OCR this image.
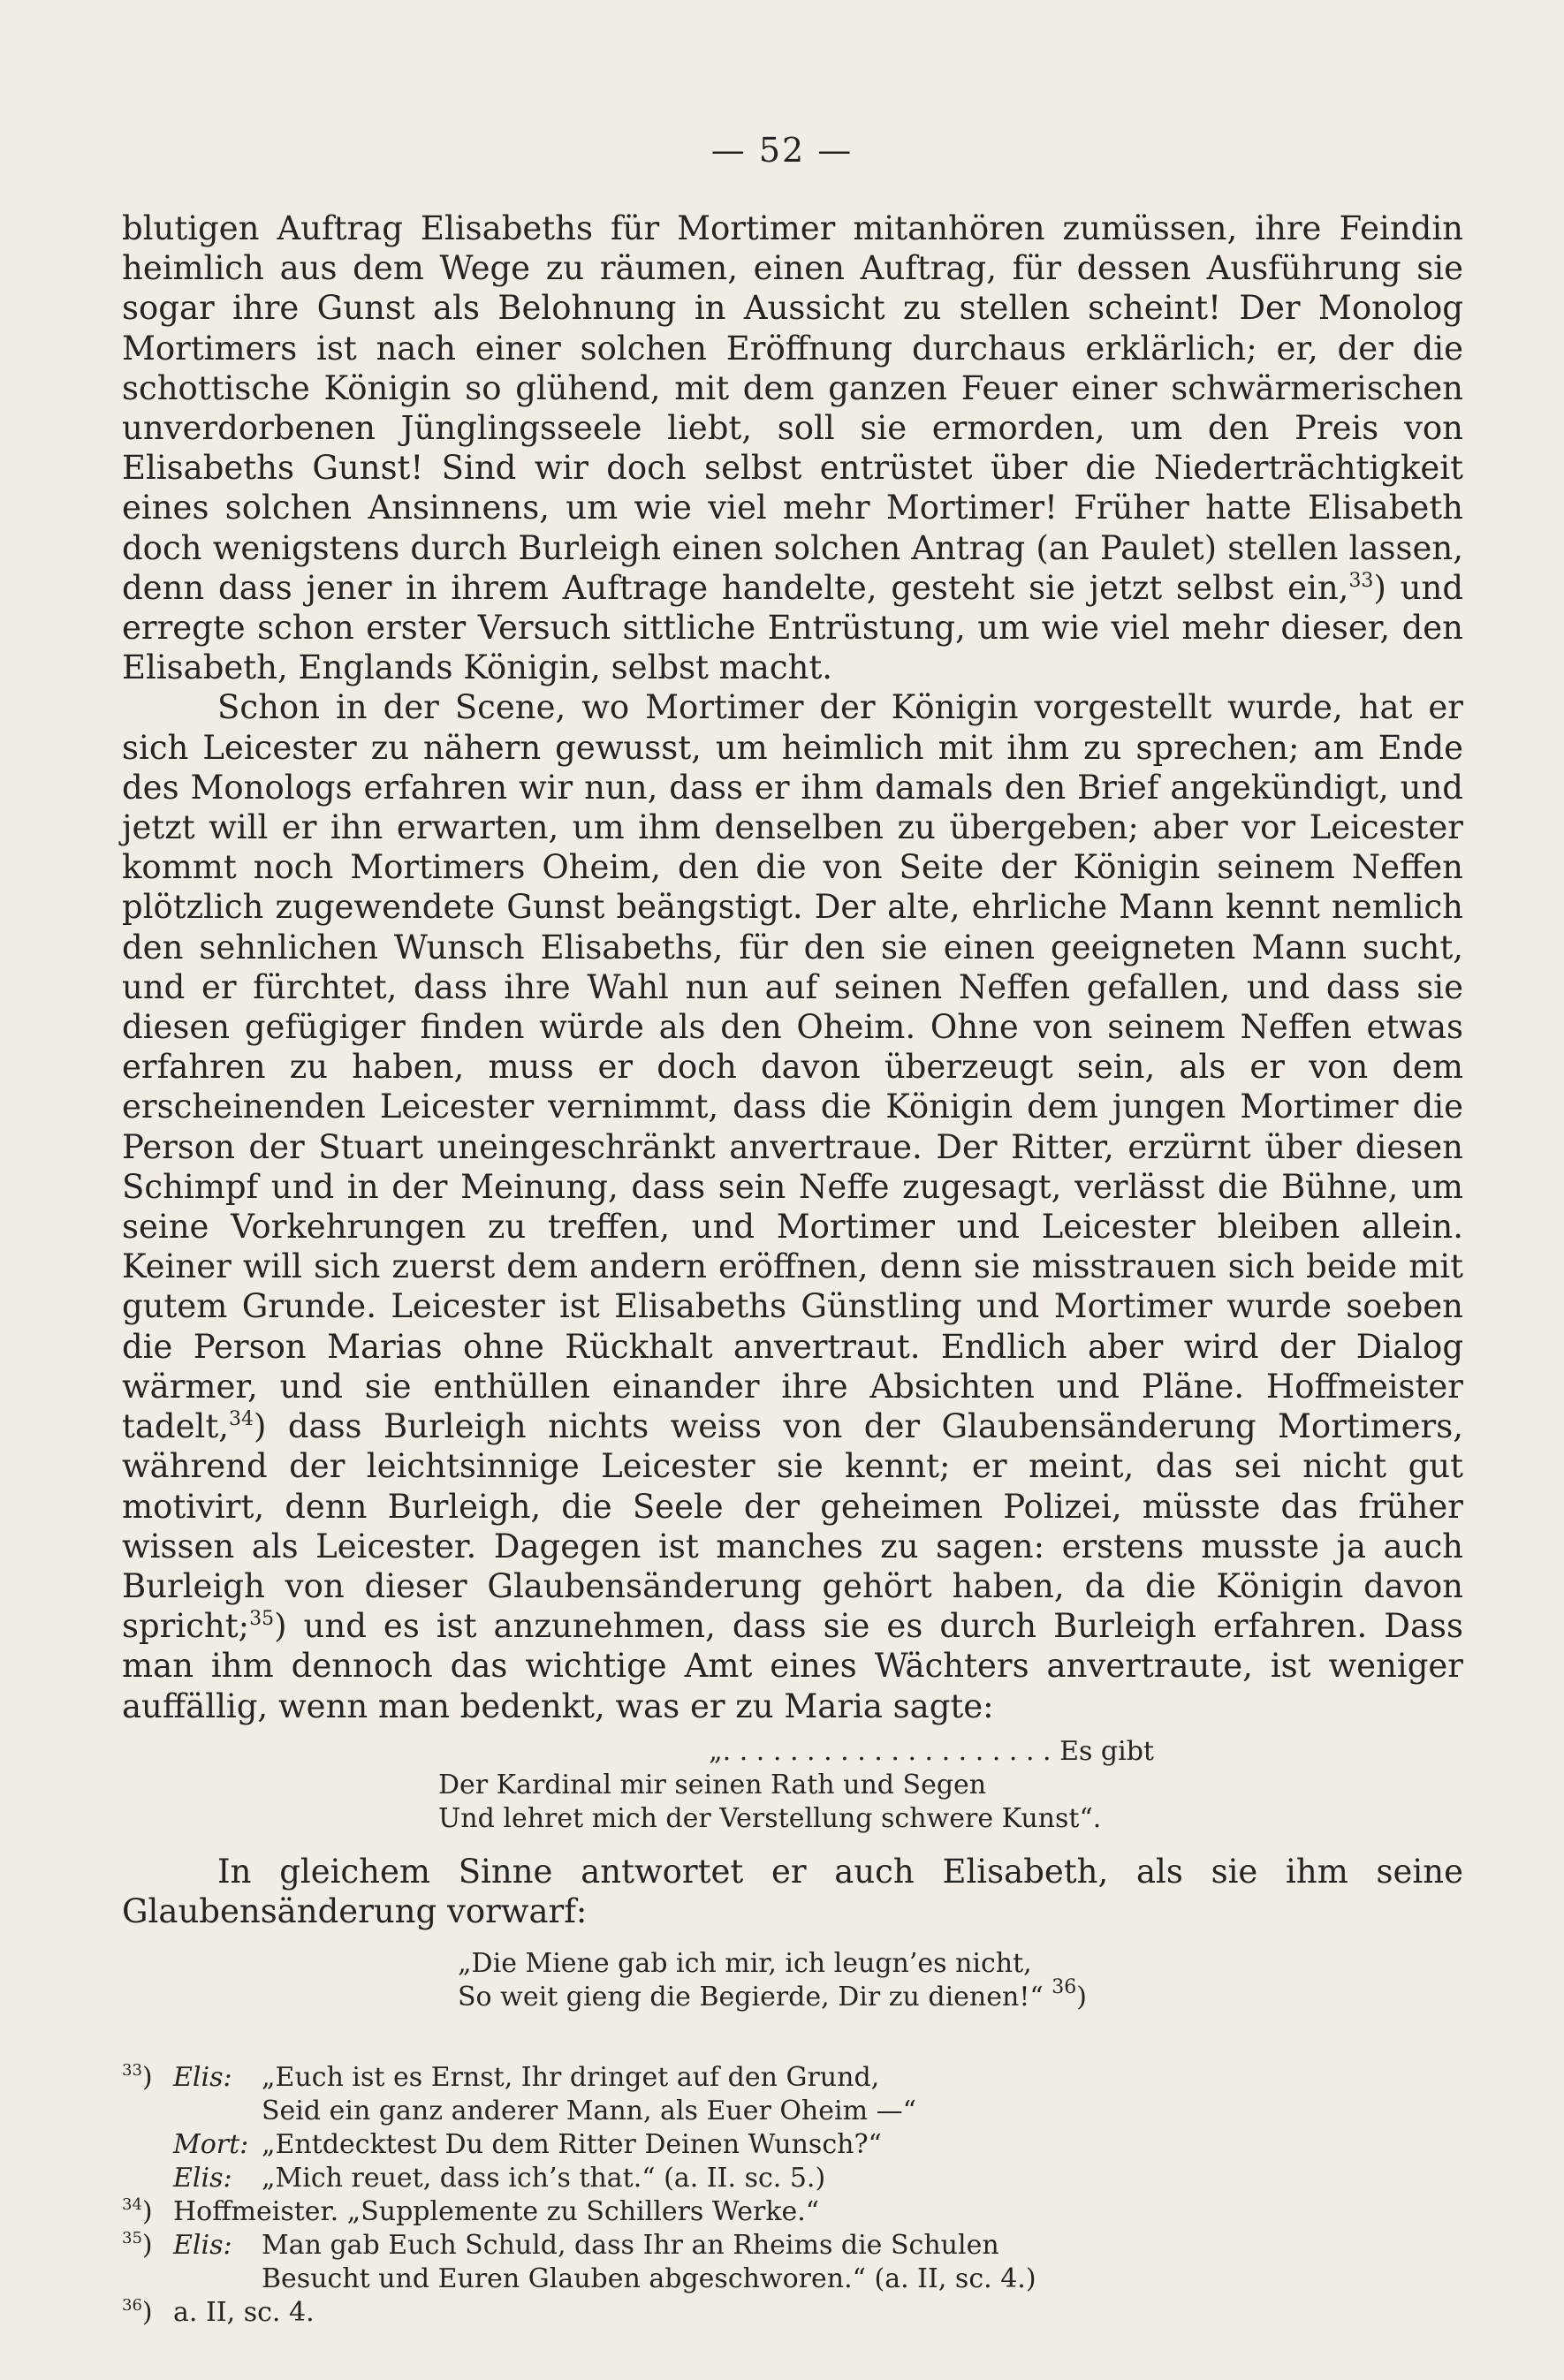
— 52 —

blutigen Auftrag Elisabeths für Mortimer mitanhören zumüssen, ihre Feindin heimlich aus dem Wege zu räumen, einen Auftrag, für dessen Ausführung sie sogar ihre Gunst als Belohnung in Aussicht zu stellen scheint! Der Monolog Mortimers ist nach einer solchen Eröffnung durchaus erklärlich; er, der die schottische Königin so glühend, mit dem ganzen Feuer einer schwärmerischen unverdorbenen Jünglingsseele liebt, soll sie ermorden, um den Preis von Elisabeths Gunst! Sind wir doch selbst entrüstet über die Niederträchtigkeit eines solchen Ansinnens, um wie viel mehr Mortimer! Früher hatte Elisabeth doch wenigstens durch Burleigh einen solchen Antrag (an Paulet) stellen lassen, denn dass jener in ihrem Auftrage handelte, gesteht sie jetzt selbst ein,$^{33}$) und erregte schon erster Versuch sittliche Entrüstung, um wie viel mehr dieser, den Elisabeth, Englands Königin, selbst macht.

Schon in der Scene, wo Mortimer der Königin vorgestellt wurde, hat er sich Leicester zu nähern gewusst, um heimlich mit ihm zu sprechen; am Ende des Monologs erfahren wir nun, dass er ihm damals den Brief angekündigt, und jetzt will er ihn erwarten, um ihm denselben zu übergeben; aber vor Leicester kommt noch Mortimers Oheim, den die von Seite der Königin seinem Neffen plötzlich zugewendete Gunst beängstigt. Der alte, ehrliche Mann kennt nemlich den sehnlichen Wunsch Elisabeths, für den sie einen geeigneten Mann sucht, und er fürchtet, dass ihre Wahl nun auf seinen Neffen gefallen, und dass sie diesen gefügiger finden würde als den Oheim. Ohne von seinem Neffen etwas erfahren zu haben, muss er doch davon überzeugt sein, als er von dem erscheinenden Leicester vernimmt, dass die Königin dem jungen Mortimer die Person der Stuart uneingeschränkt anvertraue. Der Ritter, erzürnt über diesen Schimpf und in der Meinung, dass sein Neffe zugesagt, verlässt die Bühne, um seine Vorkehrungen zu treffen, und Mortimer und Leicester bleiben allein. Keiner will sich zuerst dem andern eröffnen, denn sie misstrauen sich beide mit gutem Grunde. Leicester ist Elisabeths Günstling und Mortimer wurde soeben die Person Marias ohne Rückhalt anvertraut. Endlich aber wird der Dialog wärmer, und sie enthüllen einander ihre Absichten und Pläne. Hoffmeister tadelt,$^{34}$) dass Burleigh nichts weiss von der Glaubensänderung Mortimers, während der leichtsinnige Leicester sie kennt; er meint, das sei nicht gut motivirt, denn Burleigh, die Seele der geheimen Polizei, müsste das früher wissen als Leicester. Dagegen ist manches zu sagen: erstens musste ja auch Burleigh von dieser Glaubensänderung gehört haben, da die Königin davon spricht;$^{35}$) und es ist anzunehmen, dass sie es durch Burleigh erfahren. Dass man ihm dennoch das wichtige Amt eines Wächters anvertraute, ist weniger auffällig, wenn man bedenkt, was er zu Maria sagte:

„. . . . . . . . . . . . . . . . . . . . Es gibt
Der Kardinal mir seinen Rath und Segen
Und lehret mich der Verstellung schwere Kunst“.

In gleichem Sinne antwortet er auch Elisabeth, als sie ihm seine Glaubensänderung vorwarf:

„Die Miene gab ich mir, ich leugn’es nicht,
So weit gieng die Begierde, Dir zu dienen!“ $^{36}$)
$^{33}$) Elis:	„Euch ist es Ernst, Ihr dringet auf den Grund,
Seid ein ganz anderer Mann, als Euer Oheim —“
Mort: „Entdecktest Du dem Ritter Deinen Wunsch?“
Elis:	„Mich reuet, dass ich’s that.“ (a. II. sc. 5.)
$^{34}$) Hoffmeister. „Supplemente zu Schillers Werke.“
$^{35}$) Elis:	Man gab Euch Schuld, dass Ihr an Rheims die Schulen
Besucht und Euren Glauben abgeschworen.“ (a. II, sc. 4.)
$^{36}$) a. II, sc. 4.
